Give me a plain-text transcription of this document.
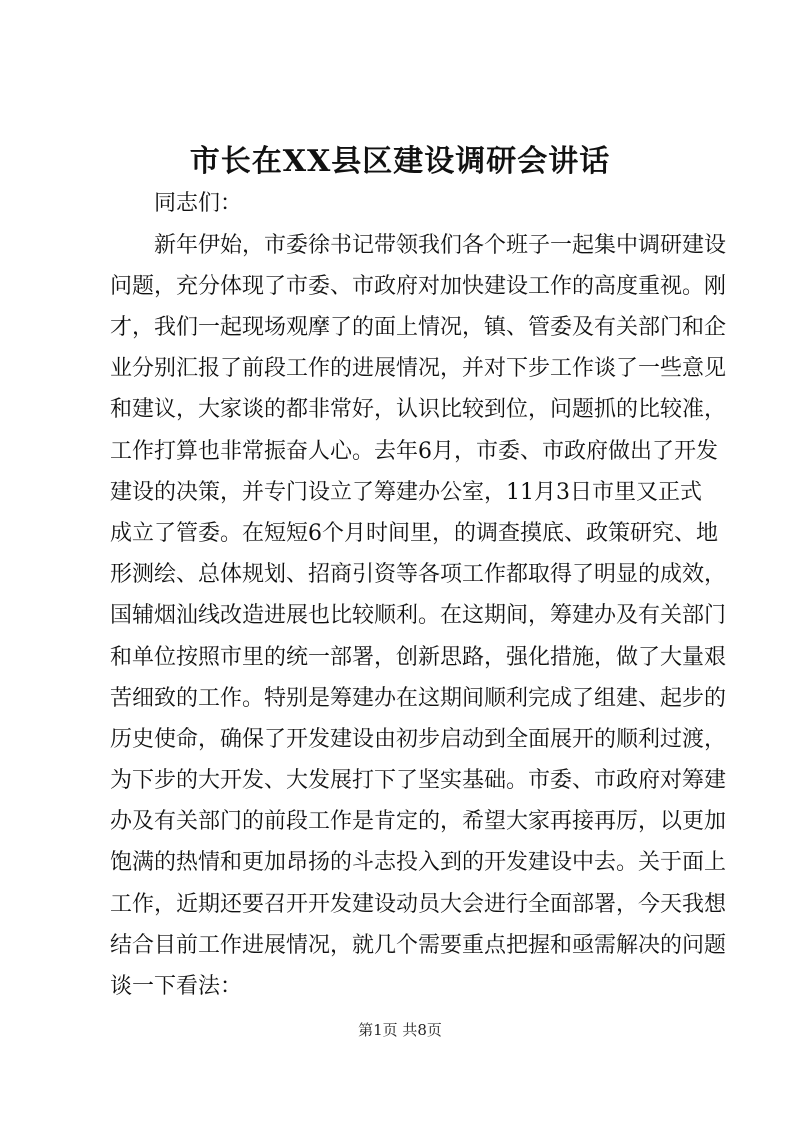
市长在XX县区建设调研会讲话
同志们：
新年伊始，市委徐书记带领我们各个班子一起集中调研建设
问题，充分体现了市委、市政府对加快建设工作的高度重视。刚
才，我们一起现场观摩了的面上情况，镇、管委及有关部门和企
业分别汇报了前段工作的进展情况，并对下步工作谈了一些意见
和建议，大家谈的都非常好，认识比较到位，问题抓的比较准，
工作打算也非常振奋人心。去年6月，市委、市政府做出了开发
建设的决策，并专门设立了筹建办公室，11月3日市里又正式
成立了管委。在短短6个月时间里，的调查摸底、政策研究、地
形测绘、总体规划、招商引资等各项工作都取得了明显的成效，
国辅烟汕线改造进展也比较顺利。在这期间，筹建办及有关部门
和单位按照市里的统一部署，创新思路，强化措施，做了大量艰
苦细致的工作。特别是筹建办在这期间顺利完成了组建、起步的
历史使命，确保了开发建设由初步启动到全面展开的顺利过渡，
为下步的大开发、大发展打下了坚实基础。市委、市政府对筹建
办及有关部门的前段工作是肯定的，希望大家再接再厉，以更加
饱满的热情和更加昂扬的斗志投入到的开发建设中去。关于面上
工作，近期还要召开开发建设动员大会进行全面部署，今天我想
结合目前工作进展情况，就几个需要重点把握和亟需解决的问题
谈一下看法：
第1页 共8页
